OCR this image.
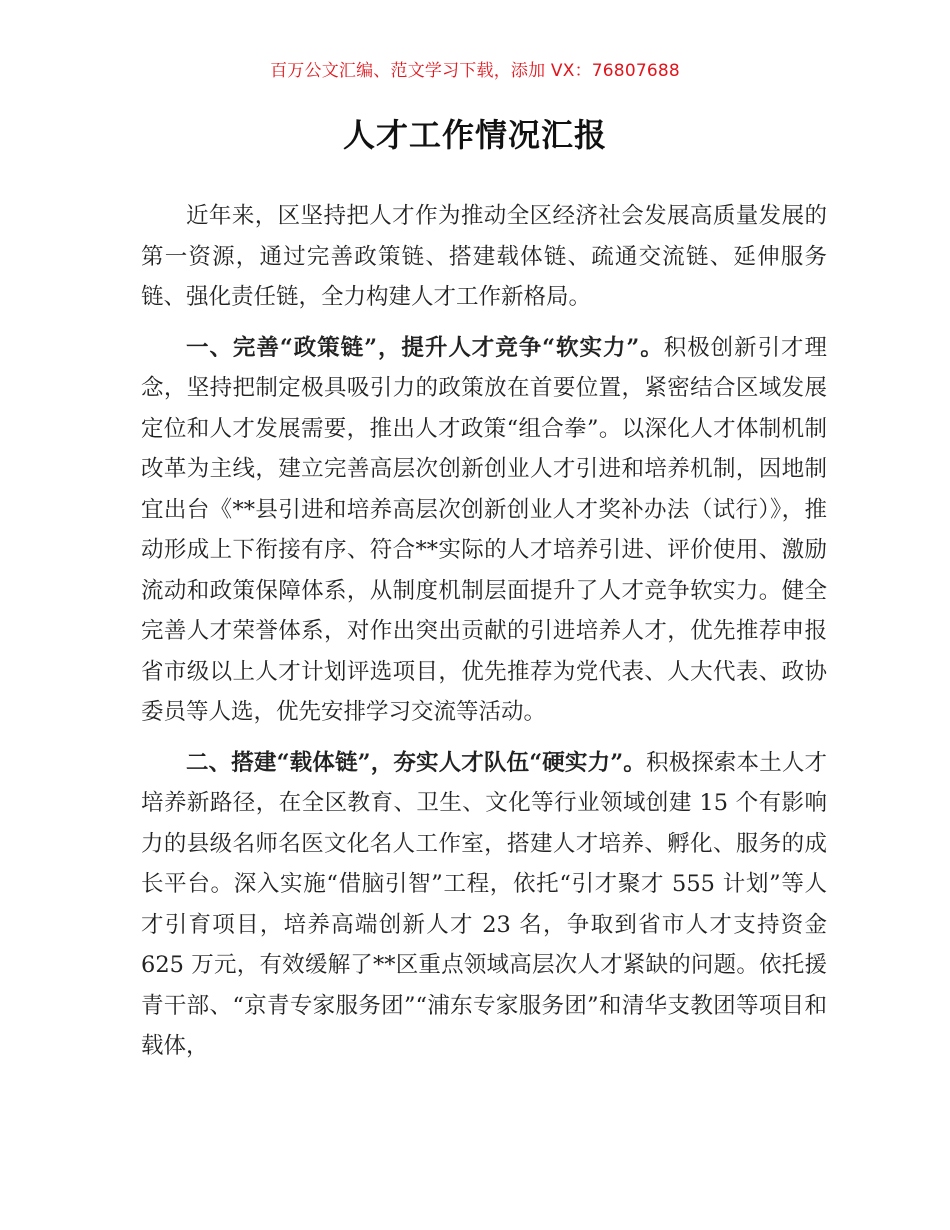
百万公文汇编、范文学习下载，添加 VX：76807688
人才工作情况汇报

近年来，区坚持把人才作为推动全区经济社会发展高质量发展的第一资源，通过完善政策链、搭建载体链、疏通交流链、延伸服务链、强化责任链，全力构建人才工作新格局。

一、完善“政策链”，提升人才竞争“软实力”。积极创新引才理念，坚持把制定极具吸引力的政策放在首要位置，紧密结合区域发展定位和人才发展需要，推出人才政策“组合拳”。以深化人才体制机制改革为主线，建立完善高层次创新创业人才引进和培养机制，因地制宜出台《**县引进和培养高层次创新创业人才奖补办法（试行）》，推动形成上下衔接有序、符合**实际的人才培养引进、评价使用、激励流动和政策保障体系，从制度机制层面提升了人才竞争软实力。健全完善人才荣誉体系，对作出突出贡献的引进培养人才，优先推荐申报省市级以上人才计划评选项目，优先推荐为党代表、人大代表、政协委员等人选，优先安排学习交流等活动。

二、搭建“载体链”，夯实人才队伍“硬实力”。积极探索本土人才培养新路径，在全区教育、卫生、文化等行业领域创建 15 个有影响力的县级名师名医文化名人工作室，搭建人才培养、孵化、服务的成长平台。深入实施“借脑引智”工程，依托“引才聚才 555 计划”等人才引育项目，培养高端创新人才 23 名，争取到省市人才支持资金 625 万元，有效缓解了**区重点领域高层次人才紧缺的问题。依托援青干部、“京青专家服务团”“浦东专家服务团”和清华支教团等项目和载体，
